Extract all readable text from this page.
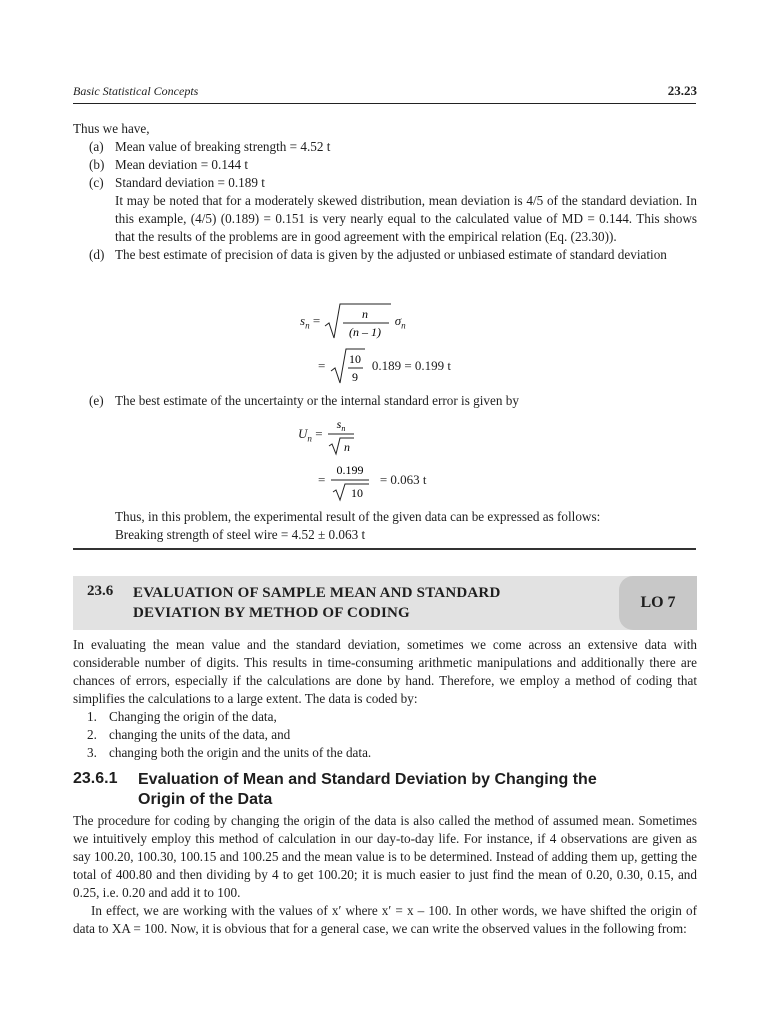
Basic Statistical Concepts	23.23

Thus we have,

(a) Mean value of breaking strength = 4.52 t
(b) Mean deviation = 0.144 t
(c) Standard deviation = 0.189 t

It may be noted that for a moderately skewed distribution, mean deviation is 4/5 of the standard deviation. In this example, (4/5) (0.189) = 0.151 is very nearly equal to the calculated value of MD = 0.144. This shows that the results of the problems are in good agreement with the empirical relation (Eq. (23.30)).

(d) The best estimate of precision of data is given by the adjusted or unbiased estimate of standard deviation
$s_n$ =	n
(n – 1)
$\sigma_n$
= 10
9
0.189 = 0.199 t
(e) The best estimate of the uncertainty or the internal standard error is given by
$U_n$ =
$s_n$
n
=
0.199
10
= 0.063 t

Thus, in this problem, the experimental result of the given data can be expressed as follows:

Breaking strength of steel wire = 4.52 ± 0.063 t

23.6 EVALUATION OF SAMPLE MEAN AND STANDARD
DEVIATION BY METHOD OF CODING
LO 7

In evaluating the mean value and the standard deviation, sometimes we come across an extensive data with considerable number of digits. This results in time-consuming arithmetic manipulations and additionally there are chances of errors, especially if the calculations are done by hand. Therefore, we employ a method of coding that simplifies the calculations to a large extent. The data is coded by:

1. Changing the origin of the data,
2. changing the units of the data, and
3. changing both the origin and the units of the data.
23.6.1 Evaluation of Mean and Standard Deviation by Changing the
Origin of the Data

The procedure for coding by changing the origin of the data is also called the method of assumed mean. Sometimes we intuitively employ this method of calculation in our day-to-day life. For instance, if 4 observations are given as say 100.20, 100.30, 100.15 and 100.25 and the mean value is to be determined. Instead of adding them up, getting the total of 400.80 and then dividing by 4 to get 100.20; it is much easier to just find the mean of 0.20, 0.30, 0.15, and 0.25, i.e. 0.20 and add it to 100.

In effect, we are working with the values of x′ where x′ = x – 100. In other words, we have shifted the origin of data to XA = 100. Now, it is obvious that for a general case, we can write the observed values in the following from:
